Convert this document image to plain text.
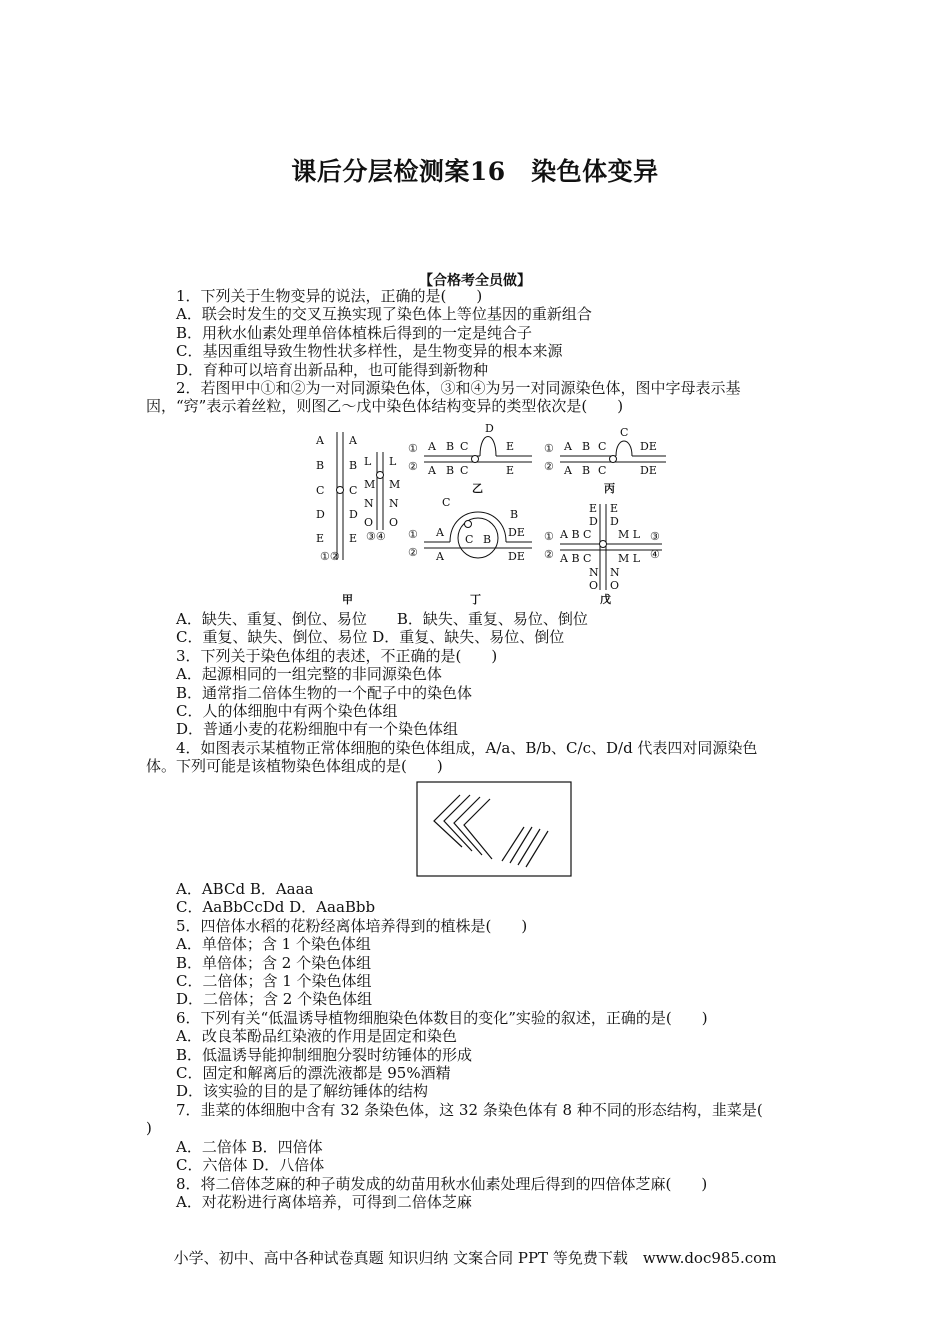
课后分层检测案16　染色体变异
【合格考全员做】

1．下列关于生物变异的说法，正确的是(　　)

A．联会时发生的交叉互换实现了染色体上等位基因的重新组合

B．用秋水仙素处理单倍体植株后得到的一定是纯合子

C．基因重组导致生物性状多样性，是生物变异的根本来源

D．育种可以培育出新品种，也可能得到新物种

2．若图甲中①和②为一对同源染色体，③和④为另一对同源染色体，图中字母表示基

因，“窍”表示着丝粒，则图乙～戊中染色体结构变异的类型依次是(　　)

A
B
C
D
E
A
B
C
D
E
L
M
N
O
L
M
N
O
①②
③④
甲
①
②
A B C
D
E
A B C	E
乙
①
②
A B C
C
DE
A B C	DE
丙
①
②
A
C B
DE
B
C
A	DE
丁
①
②
A B C
A B C
M L
M L
E
D
E
D
N
O
N
O
③
④
戊

A．缺失、重复、倒位、易位　　B．缺失、重复、易位、倒位

C．重复、缺失、倒位、易位 D．重复、缺失、易位、倒位

3．下列关于染色体组的表述，不正确的是(　　)

A．起源相同的一组完整的非同源染色体

B．通常指二倍体生物的一个配子中的染色体

C．人的体细胞中有两个染色体组

D．普通小麦的花粉细胞中有一个染色体组

4．如图表示某植物正常体细胞的染色体组成，A/a、B/b、C/c、D/d 代表四对同源染色

体。下列可能是该植物染色体组成的是(　　)

A．ABCd B．Aaaa

C．AaBbCcDd D．AaaBbb

5．四倍体水稻的花粉经离体培养得到的植株是(　　)

A．单倍体；含 1 个染色体组

B．单倍体；含 2 个染色体组

C．二倍体；含 1 个染色体组

D．二倍体；含 2 个染色体组

6．下列有关“低温诱导植物细胞染色体数目的变化”实验的叙述，正确的是(　　)

A．改良苯酚品红染液的作用是固定和染色

B．低温诱导能抑制细胞分裂时纺锤体的形成

C．固定和解离后的漂洗液都是 95%酒精

D．该实验的目的是了解纺锤体的结构

7．韭菜的体细胞中含有 32 条染色体，这 32 条染色体有 8 种不同的形态结构，韭菜是(

)

A．二倍体 B．四倍体

C．六倍体 D．八倍体

8．将二倍体芝麻的种子萌发成的幼苗用秋水仙素处理后得到的四倍体芝麻(　　)

A．对花粉进行离体培养，可得到二倍体芝麻

小学、初中、高中各种试卷真题 知识归纳 文案合同 PPT 等免费下载　www.doc985.com
